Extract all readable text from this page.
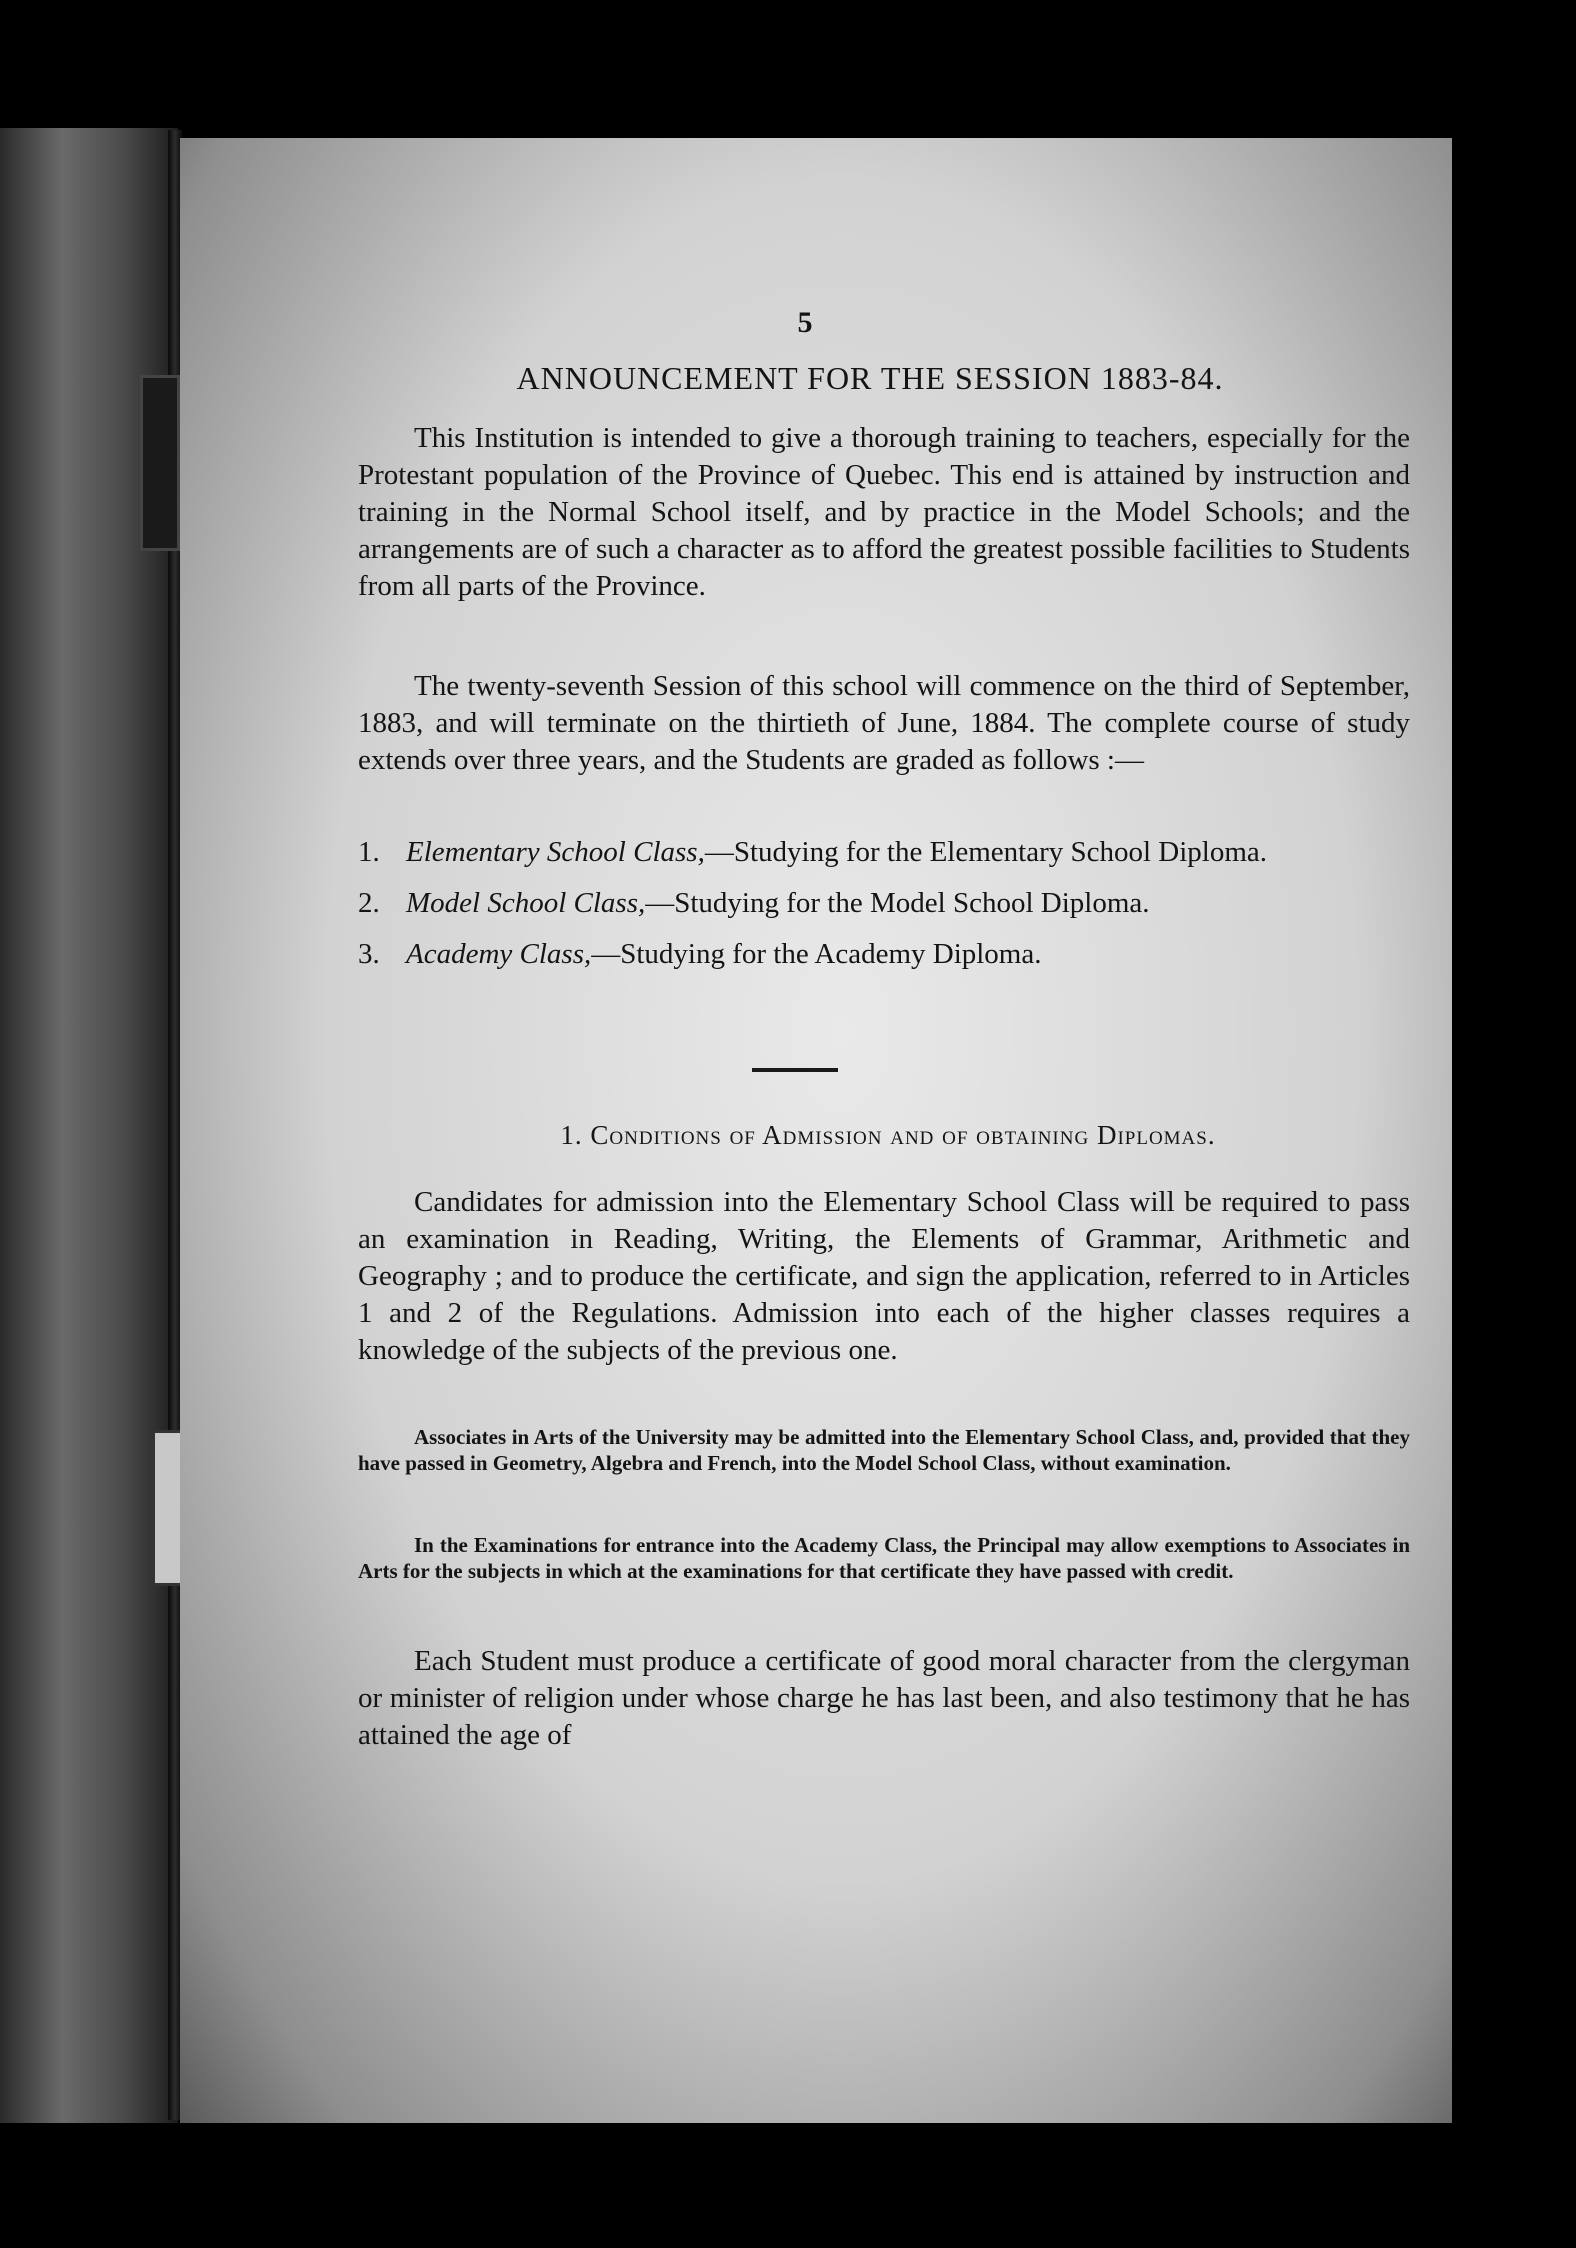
5
ANNOUNCEMENT FOR THE SESSION 1883-84.
This Institution is intended to give a thorough training to teachers, especially for the Protestant population of the Province of Quebec. This end is attained by instruction and training in the Normal School itself, and by practice in the Model Schools; and the arrangements are of such a character as to afford the greatest possible facilities to Students from all parts of the Province.
The twenty-seventh Session of this school will commence on the third of September, 1883, and will terminate on the thirtieth of June, 1884. The complete course of study extends over three years, and the Students are graded as follows :—
1. Elementary School Class,—Studying for the Elementary School Diploma.
2. Model School Class,—Studying for the Model School Diploma.
3. Academy Class,—Studying for the Academy Diploma.
1. Conditions of Admission and of obtaining Diplomas.
Candidates for admission into the Elementary School Class will be required to pass an examination in Reading, Writing, the Elements of Grammar, Arithmetic and Geography ; and to produce the certificate, and sign the application, referred to in Articles 1 and 2 of the Regulations. Admission into each of the higher classes requires a knowledge of the subjects of the previous one.
Associates in Arts of the University may be admitted into the Elementary School Class, and, provided that they have passed in Geometry, Algebra and French, into the Model School Class, without examination.
In the Examinations for entrance into the Academy Class, the Principal may allow exemptions to Associates in Arts for the subjects in which at the examinations for that certificate they have passed with credit.
Each Student must produce a certificate of good moral character from the clergyman or minister of religion under whose charge he has last been, and also testimony that he has attained the age of
